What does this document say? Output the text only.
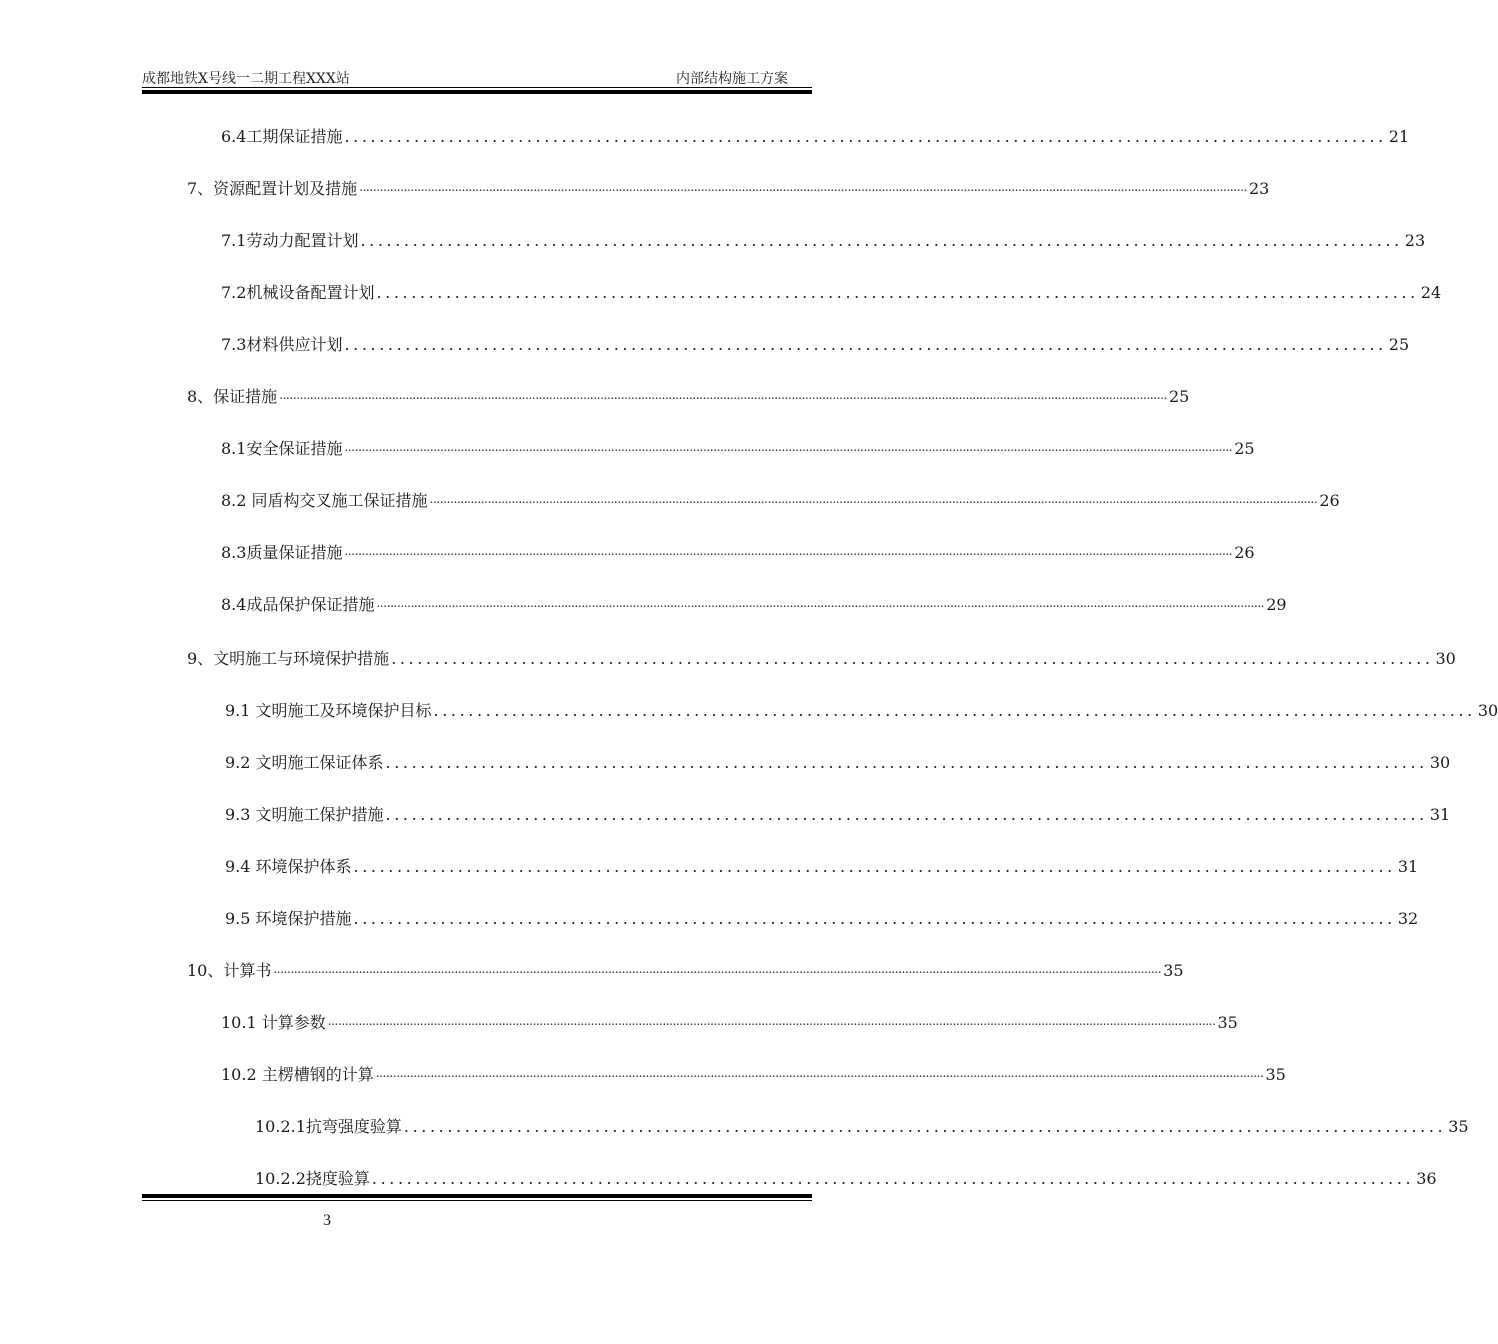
成都地铁X号线一二期工程XXX站	内部结构施工方案
6.4工期保证措施 ........................................................................................................................ 21
7、资源配置计划及措施 .................................................................................................................................................................................................................................................................... 23
7.1劳动力配置计划 ........................................................................................................................ 23
7.2机械设备配置计划 ........................................................................................................................ 24
7.3材料供应计划 ........................................................................................................................ 25
8、保证措施 .................................................................................................................................................................................................................................................................... 25
8.1安全保证措施 .................................................................................................................................................................................................................................................................... 25
8.2 同盾构交叉施工保证措施 .................................................................................................................................................................................................................................................................... 26
8.3质量保证措施 .................................................................................................................................................................................................................................................................... 26
8.4成品保护保证措施 .................................................................................................................................................................................................................................................................... 29
9、文明施工与环境保护措施 ........................................................................................................................ 30
9.1 文明施工及环境保护目标 ........................................................................................................................ 30
9.2 文明施工保证体系 ........................................................................................................................ 30
9.3 文明施工保护措施 ........................................................................................................................ 31
9.4 环境保护体系 ........................................................................................................................ 31
9.5 环境保护措施 ........................................................................................................................ 32
10、计算书 .................................................................................................................................................................................................................................................................... 35
10.1 计算参数 .................................................................................................................................................................................................................................................................... 35
10.2 主楞槽钢的计算 .................................................................................................................................................................................................................................................................... 35
10.2.1抗弯强度验算 ........................................................................................................................ 35
10.2.2挠度验算 ........................................................................................................................ 36
3
